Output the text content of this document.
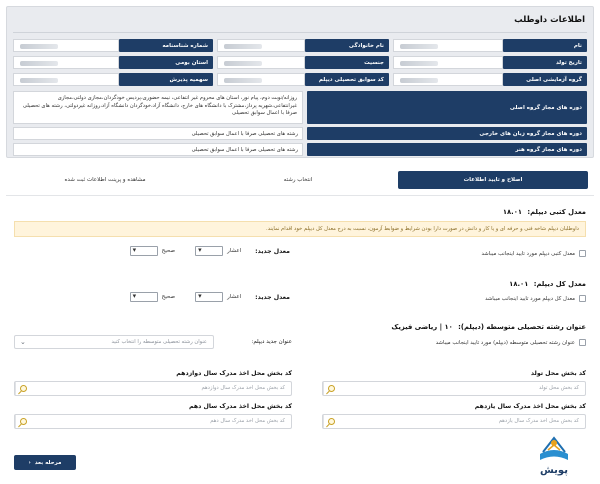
اطلاعات داوطلب
نام
نام خانوادگی
شماره شناسنامه
تاریخ تولد
جنسیت
استان بومی
گروه آزمایشی اصلی
کد سوابق تحصیلی دیپلم
سهمیه پذیرش
دوره های مجاز گروه اصلی
روزانه/نوبت دوم، پیام نور، استان های محروم غیر انتفاعی، نیمه حضوری،پردیس خودگردان،مجازی دولتی،مجازی غیرانتفاعی،شهریه پرداز،مشترک با دانشگاه های خارج، دانشگاه آزاد،خودگردان دانشگاه آزاد،روزانه غیردولتی، رشته های تحصیلی صرفا با اعمال سوابق تحصیلی
دوره های مجاز گروه زبان های خارجی
رشته های تحصیلی صرفا با اعمال سوابق تحصیلی
دوره های مجاز گروه هنر
رشته های تحصیلی صرفا با اعمال سوابق تحصیلی
اصلاح و تایید اطلاعات
انتخاب رشته
مشاهده و پرینت اطلاعات ثبت شده
معدل کتبی دیپلم: ۱۸.۰۱
داوطلبان دیپلم شاخه فنی و حرفه ای و یا کار و دانش در صورت دارا بودن شرایط و ضوابط آزمون، نسبت به درج معدل کل دیپلم خود اقدام نمایند.
معدل جدید:
اعشار
▾
صحیح ▾	معدل کتبی دیپلم مورد تایید اینجانب میباشد
معدل کل دیپلم: ۱۸.۰۱
معدل جدید:
اعشار
▾
صحیح ▾	معدل کل دیپلم مورد تایید اینجانب میباشد
عنوان رشته تحصیلی متوسطه (دیپلم): ۱۰ | ریاضی فیزیک
عنوان رشته تحصیلی متوسطه (دیپلم) مورد تایید اینجانب میباشد
عنوان جدید دیپلم:
عنوان رشته تحصیلی متوسطه را انتخاب کنید
⌄
کد بخش محل تولد
کد بخش محل تولد
کد بخش محل اخذ مدرک سال دوازدهم
کد بخش محل اخذ مدرک سال دوازدهم
کد بخش محل اخذ مدرک سال یازدهم
کد بخش محل اخذ مدرک سال یازدهم
کد بخش محل اخذ مدرک سال دهم
کد بخش محل اخذ مدرک سال دهم
مرحله بعد
‹
پویش
